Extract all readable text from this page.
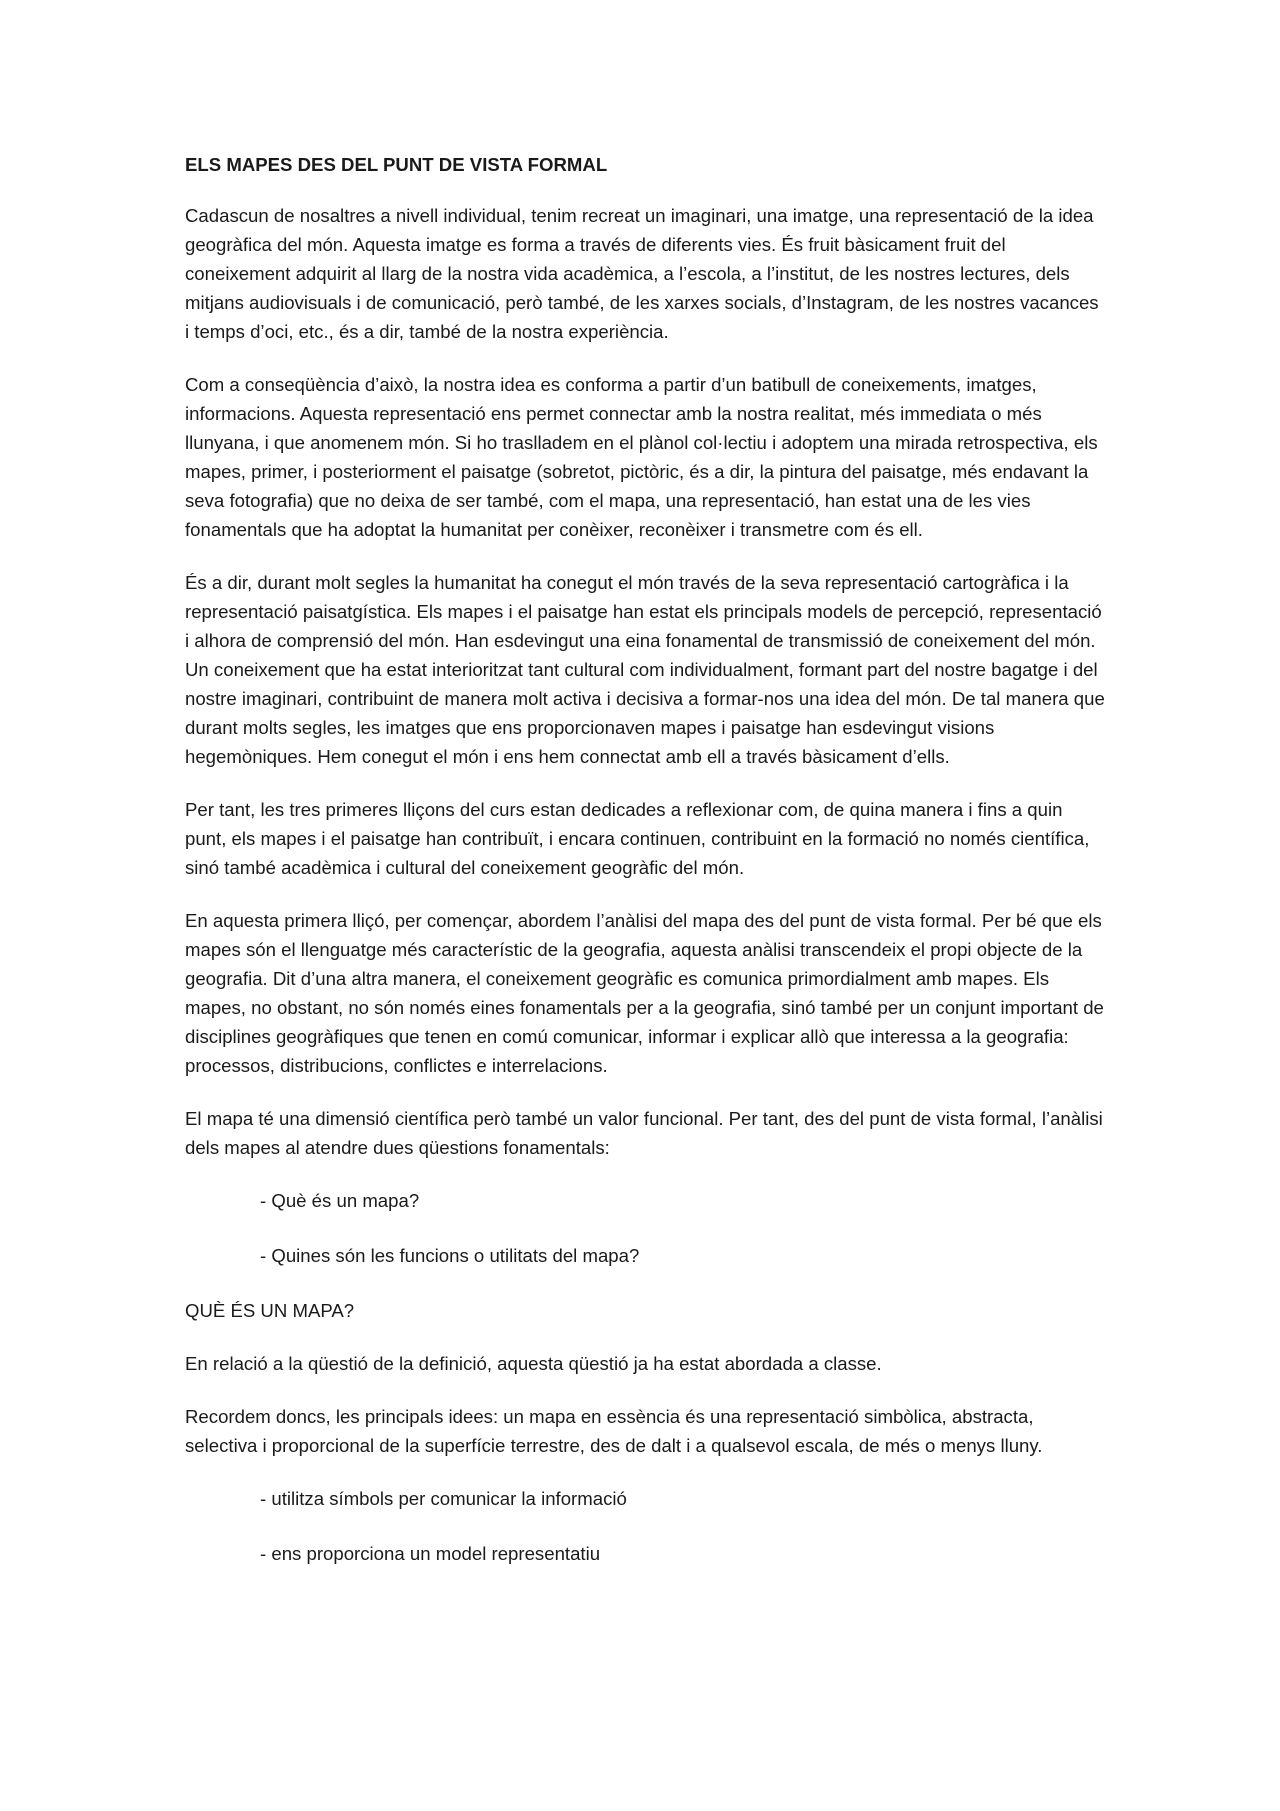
ELS MAPES DES DEL PUNT DE VISTA FORMAL

Cadascun de nosaltres a nivell individual, tenim recreat un imaginari, una imatge, una representació de la idea geogràfica del món. Aquesta imatge es forma a través de diferents vies. És fruit bàsicament fruit del coneixement adquirit al llarg de la nostra vida acadèmica, a l’escola, a l’institut, de les nostres lectures, dels mitjans audiovisuals i de comunicació, però també, de les xarxes socials, d’Instagram, de les nostres vacances i temps d’oci, etc., és a dir, també de la nostra experiència.

Com a conseqüència d’això, la nostra idea es conforma a partir d’un batibull de coneixements, imatges, informacions. Aquesta representació ens permet connectar amb la nostra realitat, més immediata o més llunyana, i que anomenem món. Si ho traslladem en el plànol col·lectiu i adoptem una mirada retrospectiva, els mapes, primer, i posteriorment el paisatge (sobretot, pictòric, és a dir, la pintura del paisatge, més endavant la seva fotografia) que no deixa de ser també, com el mapa, una representació, han estat una de les vies fonamentals que ha adoptat la humanitat per conèixer, reconèixer i transmetre com és ell.

És a dir, durant molt segles la humanitat ha conegut el món través de la seva representació cartogràfica i la representació paisatgística. Els mapes i el paisatge han estat els principals models de percepció, representació i alhora de comprensió del món. Han esdevingut una eina fonamental de transmissió de coneixement del món. Un coneixement que ha estat interioritzat tant cultural com individualment, formant part del nostre bagatge i del nostre imaginari, contribuint de manera molt activa i decisiva a formar-nos una idea del món. De tal manera que durant molts segles, les imatges que ens proporcionaven mapes i paisatge han esdevingut visions hegemòniques. Hem conegut el món i ens hem connectat amb ell a través bàsicament d’ells.

Per tant, les tres primeres lliçons del curs estan dedicades a reflexionar com, de quina manera i fins a quin punt, els mapes i el paisatge han contribuït, i encara continuen, contribuint en la formació no només científica, sinó també acadèmica i cultural del coneixement geogràfic del món.

En aquesta primera lliçó, per començar, abordem l’anàlisi del mapa des del punt de vista formal. Per bé que els mapes són el llenguatge més característic de la geografia, aquesta anàlisi transcendeix el propi objecte de la geografia. Dit d’una altra manera, el coneixement geogràfic es comunica primordialment amb mapes. Els mapes, no obstant, no són només eines fonamentals per a la geografia, sinó també per un conjunt important de disciplines geogràfiques que tenen en comú comunicar, informar i explicar allò que interessa a la geografia: processos, distribucions, conflictes e interrelacions.

El mapa té una dimensió científica però també un valor funcional. Per tant, des del punt de vista formal, l’anàlisi dels mapes al atendre dues qüestions fonamentals:

- Què és un mapa?

- Quines són les funcions o utilitats del mapa?

QUÈ ÉS UN MAPA?

En relació a la qüestió de la definició, aquesta qüestió ja ha estat abordada a classe.

Recordem doncs, les principals idees: un mapa en essència és una representació simbòlica, abstracta, selectiva i proporcional de la superfície terrestre, des de dalt i a qualsevol escala, de més o menys lluny.

- utilitza símbols per comunicar la informació

- ens proporciona un model representatiu
